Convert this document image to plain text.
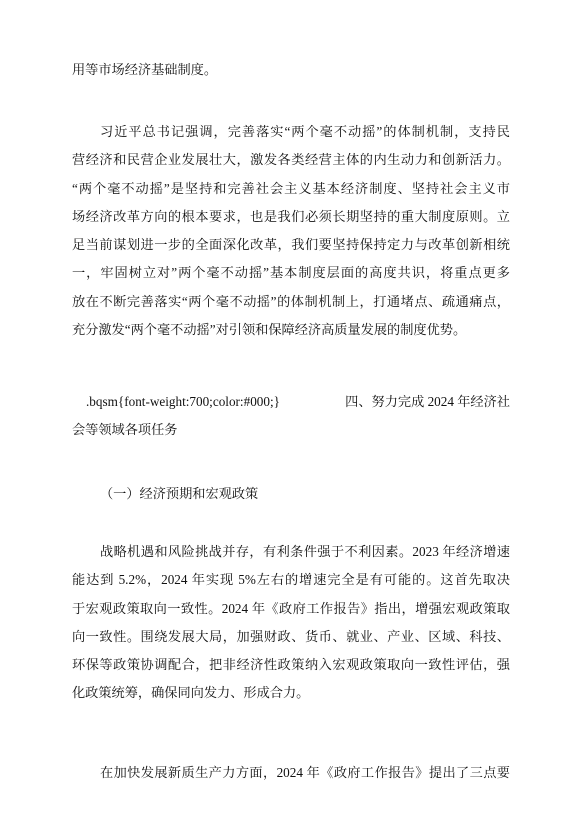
用等市场经济基础制度。
习近平总书记强调，完善落实“两个毫不动摇”的体制机制，支持民
营经济和民营企业发展壮大，激发各类经营主体的内生动力和创新活力。
“两个毫不动摇”是坚持和完善社会主义基本经济制度、坚持社会主义市
场经济改革方向的根本要求，也是我们必须长期坚持的重大制度原则。立
足当前谋划进一步的全面深化改革，我们要坚持保持定力与改革创新相统
一，牢固树立对”两个毫不动摇”基本制度层面的高度共识，将重点更多
放在不断完善落实“两个毫不动摇”的体制机制上，打通堵点、疏通痛点，
充分激发“两个毫不动摇”对引领和保障经济高质量发展的制度优势。
.bqsm{font-weight:700;color:#000;}	四、努力完成 2024 年经济社
会等领域各项任务
（一）经济预期和宏观政策
战略机遇和风险挑战并存，有利条件强于不利因素。2023 年经济增速
能达到 5.2%，2024 年实现 5%左右的增速完全是有可能的。这首先取决
于宏观政策取向一致性。2024 年《政府工作报告》指出，增强宏观政策取
向一致性。围绕发展大局，加强财政、货币、就业、产业、区域、科技、
环保等政策协调配合，把非经济性政策纳入宏观政策取向一致性评估，强
化政策统筹，确保同向发力、形成合力。
在加快发展新质生产力方面，2024 年《政府工作报告》提出了三点要
